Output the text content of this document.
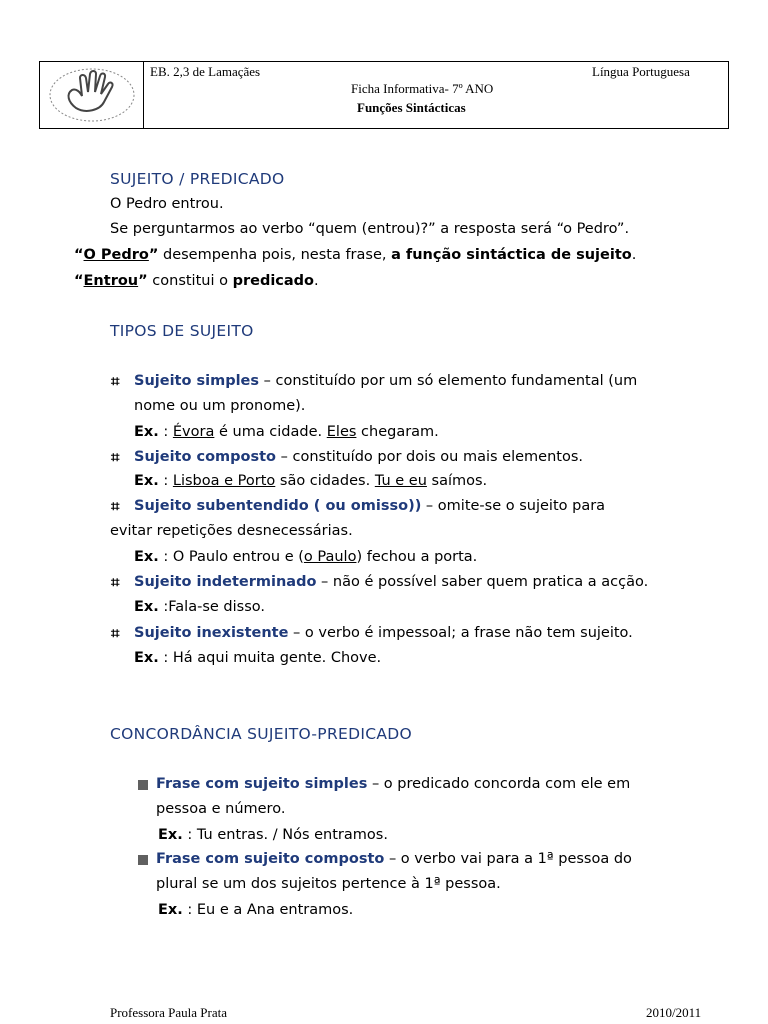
EB. 2,3 de Lamaçães	Língua Portuguesa
Ficha Informativa- 7º ANO
Funções Sintácticas
SUJEITO / PREDICADO
O Pedro entrou.
Se perguntarmos ao verbo “quem (entrou)?” a resposta será “o Pedro”.
“O Pedro” desempenha pois, nesta frase, a função sintáctica de sujeito.
“Entrou” constitui o predicado.
TIPOS DE SUJEITO
⌗ Sujeito simples – constituído por um só elemento fundamental (um
nome ou um pronome).
Ex. : Évora é uma cidade. Eles chegaram.
⌗ Sujeito composto – constituído por dois ou mais elementos.
Ex. : Lisboa e Porto são cidades. Tu e eu saímos.
⌗ Sujeito subentendido ( ou omisso)) – omite-se o sujeito para
evitar repetições desnecessárias.
Ex. : O Paulo entrou e (o Paulo) fechou a porta.
⌗ Sujeito indeterminado – não é possível saber quem pratica a acção.
Ex. :Fala-se disso.
⌗ Sujeito inexistente – o verbo é impessoal; a frase não tem sujeito.
Ex. : Há aqui muita gente. Chove.
CONCORDÂNCIA SUJEITO-PREDICADO
Frase com sujeito simples – o predicado concorda com ele em
pessoa e número.
Ex. : Tu entras. / Nós entramos.
Frase com sujeito composto – o verbo vai para a 1ª pessoa do
plural se um dos sujeitos pertence à 1ª pessoa.
Ex. : Eu e a Ana entramos.
Professora Paula Prata	2010/2011
